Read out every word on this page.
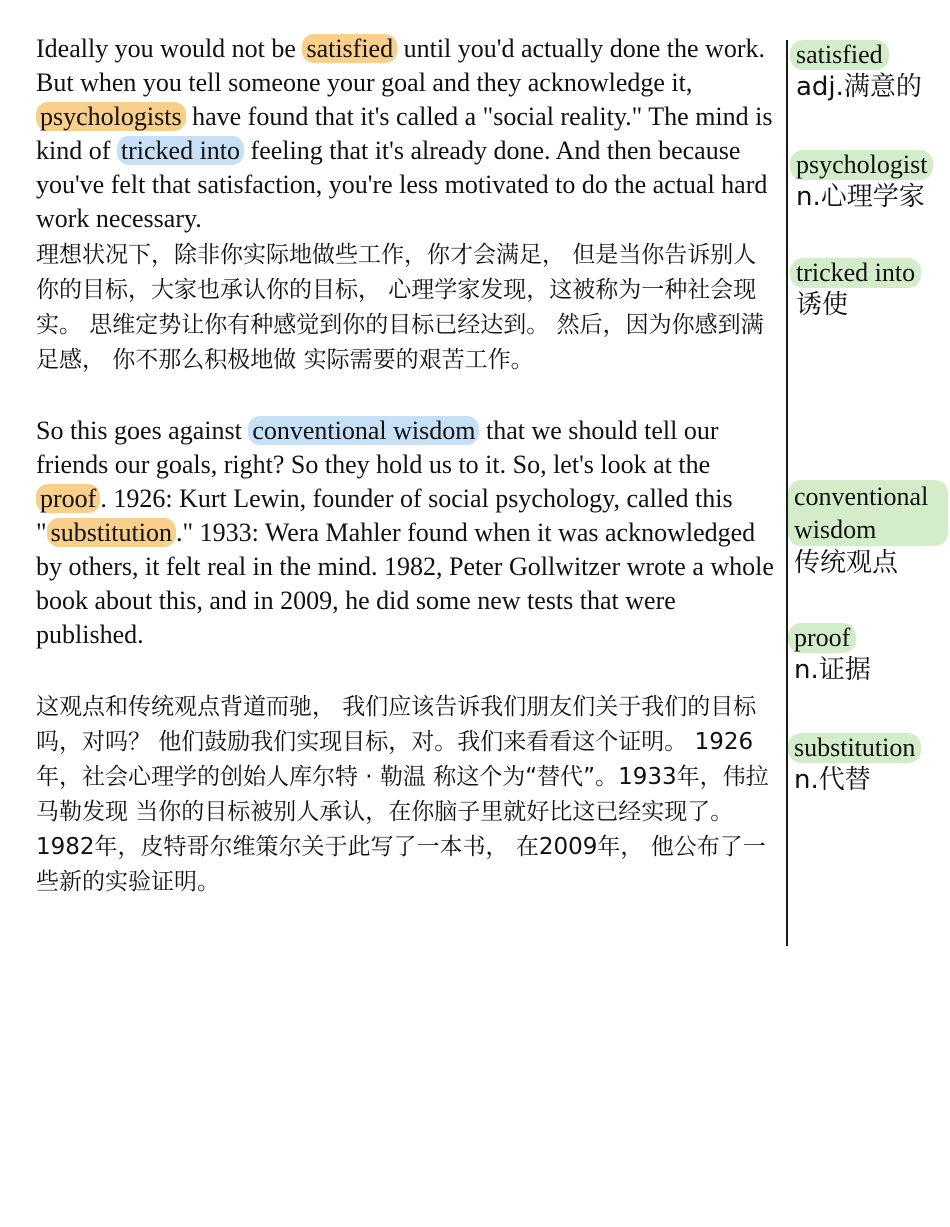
Ideally you would not be satisfied until you'd actually done the work. But when you tell someone your goal and they acknowledge it, psychologists have found that it's called a "social reality." The mind is kind of tricked into feeling that it's already done. And then because you've felt that satisfaction, you're less motivated to do the actual hard work necessary.

理想状况下，除非你实际地做些工作，你才会满足， 但是当你告诉别人你的目标，大家也承认你的目标， 心理学家发现，这被称为一种社会现实。 思维定势让你有种感觉到你的目标已经达到。 然后，因为你感到满足感， 你不那么积极地做 实际需要的艰苦工作。

So this goes against conventional wisdom that we should tell our friends our goals, right? So they hold us to it. So, let's look at the proof . 1926: Kurt Lewin, founder of social psychology, called this " substitution ." 1933: Wera Mahler found when it was acknowledged by others, it felt real in the mind. 1982, Peter Gollwitzer wrote a whole book about this, and in 2009, he did some new tests that were published.

这观点和传统观点背道而驰， 我们应该告诉我们朋友们关于我们的目标吗，对吗？ 他们鼓励我们实现目标，对。我们来看看这个证明。 1926年，社会心理学的创始人库尔特 · 勒温 称这个为“替代”。1933年，伟拉马勒发现 当你的目标被别人承认，在你脑子里就好比这已经实现了。 1982年，皮特哥尔维策尔关于此写了一本书， 在2009年， 他公布了一些新的实验证明。

satisfied
adj.满意的
psychologist
n.心理学家
tricked into
诱使
conventional wisdom
传统观点
proof
n.证据
substitution
n.代替
